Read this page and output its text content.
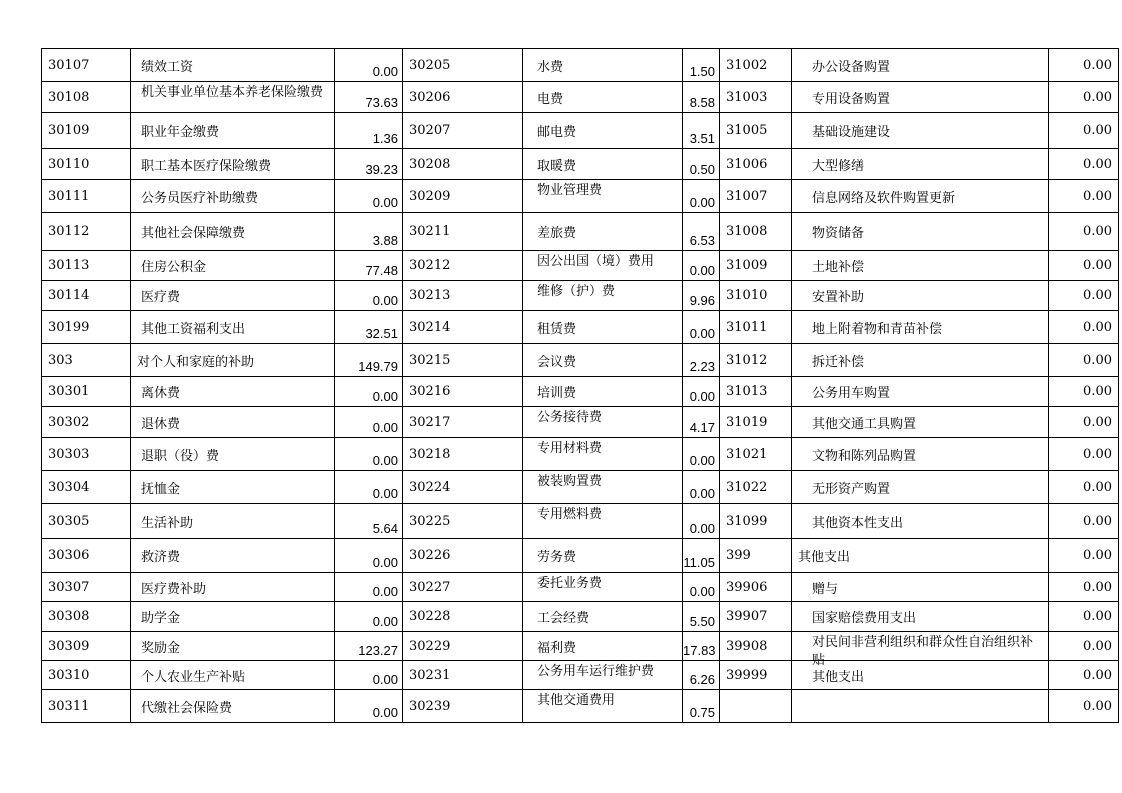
30107	绩效工资	0.00	30205	水费	1.50	31002	办公设备购置	0.00
30108	机关事业单位基本养老保险缴费	73.63	30206	电费	8.58	31003	专用设备购置	0.00
30109	职业年金缴费	1.36	30207	邮电费	3.51	31005	基础设施建设	0.00
30110	职工基本医疗保险缴费	39.23	30208	取暖费	0.50	31006	大型修缮	0.00
30111	公务员医疗补助缴费	0.00	30209	物业管理费	0.00	31007	信息网络及软件购置更新	0.00
30112	其他社会保障缴费	3.88	30211	差旅费	6.53	31008	物资储备	0.00
30113	住房公积金	77.48	30212	因公出国（境）费用	0.00	31009	土地补偿	0.00
30114	医疗费	0.00	30213	维修（护）费	9.96	31010	安置补助	0.00
30199	其他工资福利支出	32.51	30214	租赁费	0.00	31011	地上附着物和青苗补偿	0.00
303	对个人和家庭的补助	149.79	30215	会议费	2.23	31012	拆迁补偿	0.00
30301	离休费	0.00	30216	培训费	0.00	31013	公务用车购置	0.00
30302	退休费	0.00	30217	公务接待费	4.17	31019	其他交通工具购置	0.00
30303	退职（役）费	0.00	30218	专用材料费	0.00	31021	文物和陈列品购置	0.00
30304	抚恤金	0.00	30224	被装购置费	0.00	31022	无形资产购置	0.00
30305	生活补助	5.64	30225	专用燃料费	0.00	31099	其他资本性支出	0.00
30306	救济费	0.00	30226	劳务费	11.05	399	其他支出	0.00
30307	医疗费补助	0.00	30227	委托业务费	0.00	39906	赠与	0.00
30308	助学金	0.00	30228	工会经费	5.50	39907	国家赔偿费用支出	0.00
30309	奖励金	123.27	30229	福利费	17.83	39908	对民间非营利组织和群众性自治组织补贴	0.00
30310	个人农业生产补贴	0.00	30231	公务用车运行维护费	6.26	39999	其他支出	0.00
30311	代缴社会保险费	0.00	30239	其他交通费用	0.75			0.00
